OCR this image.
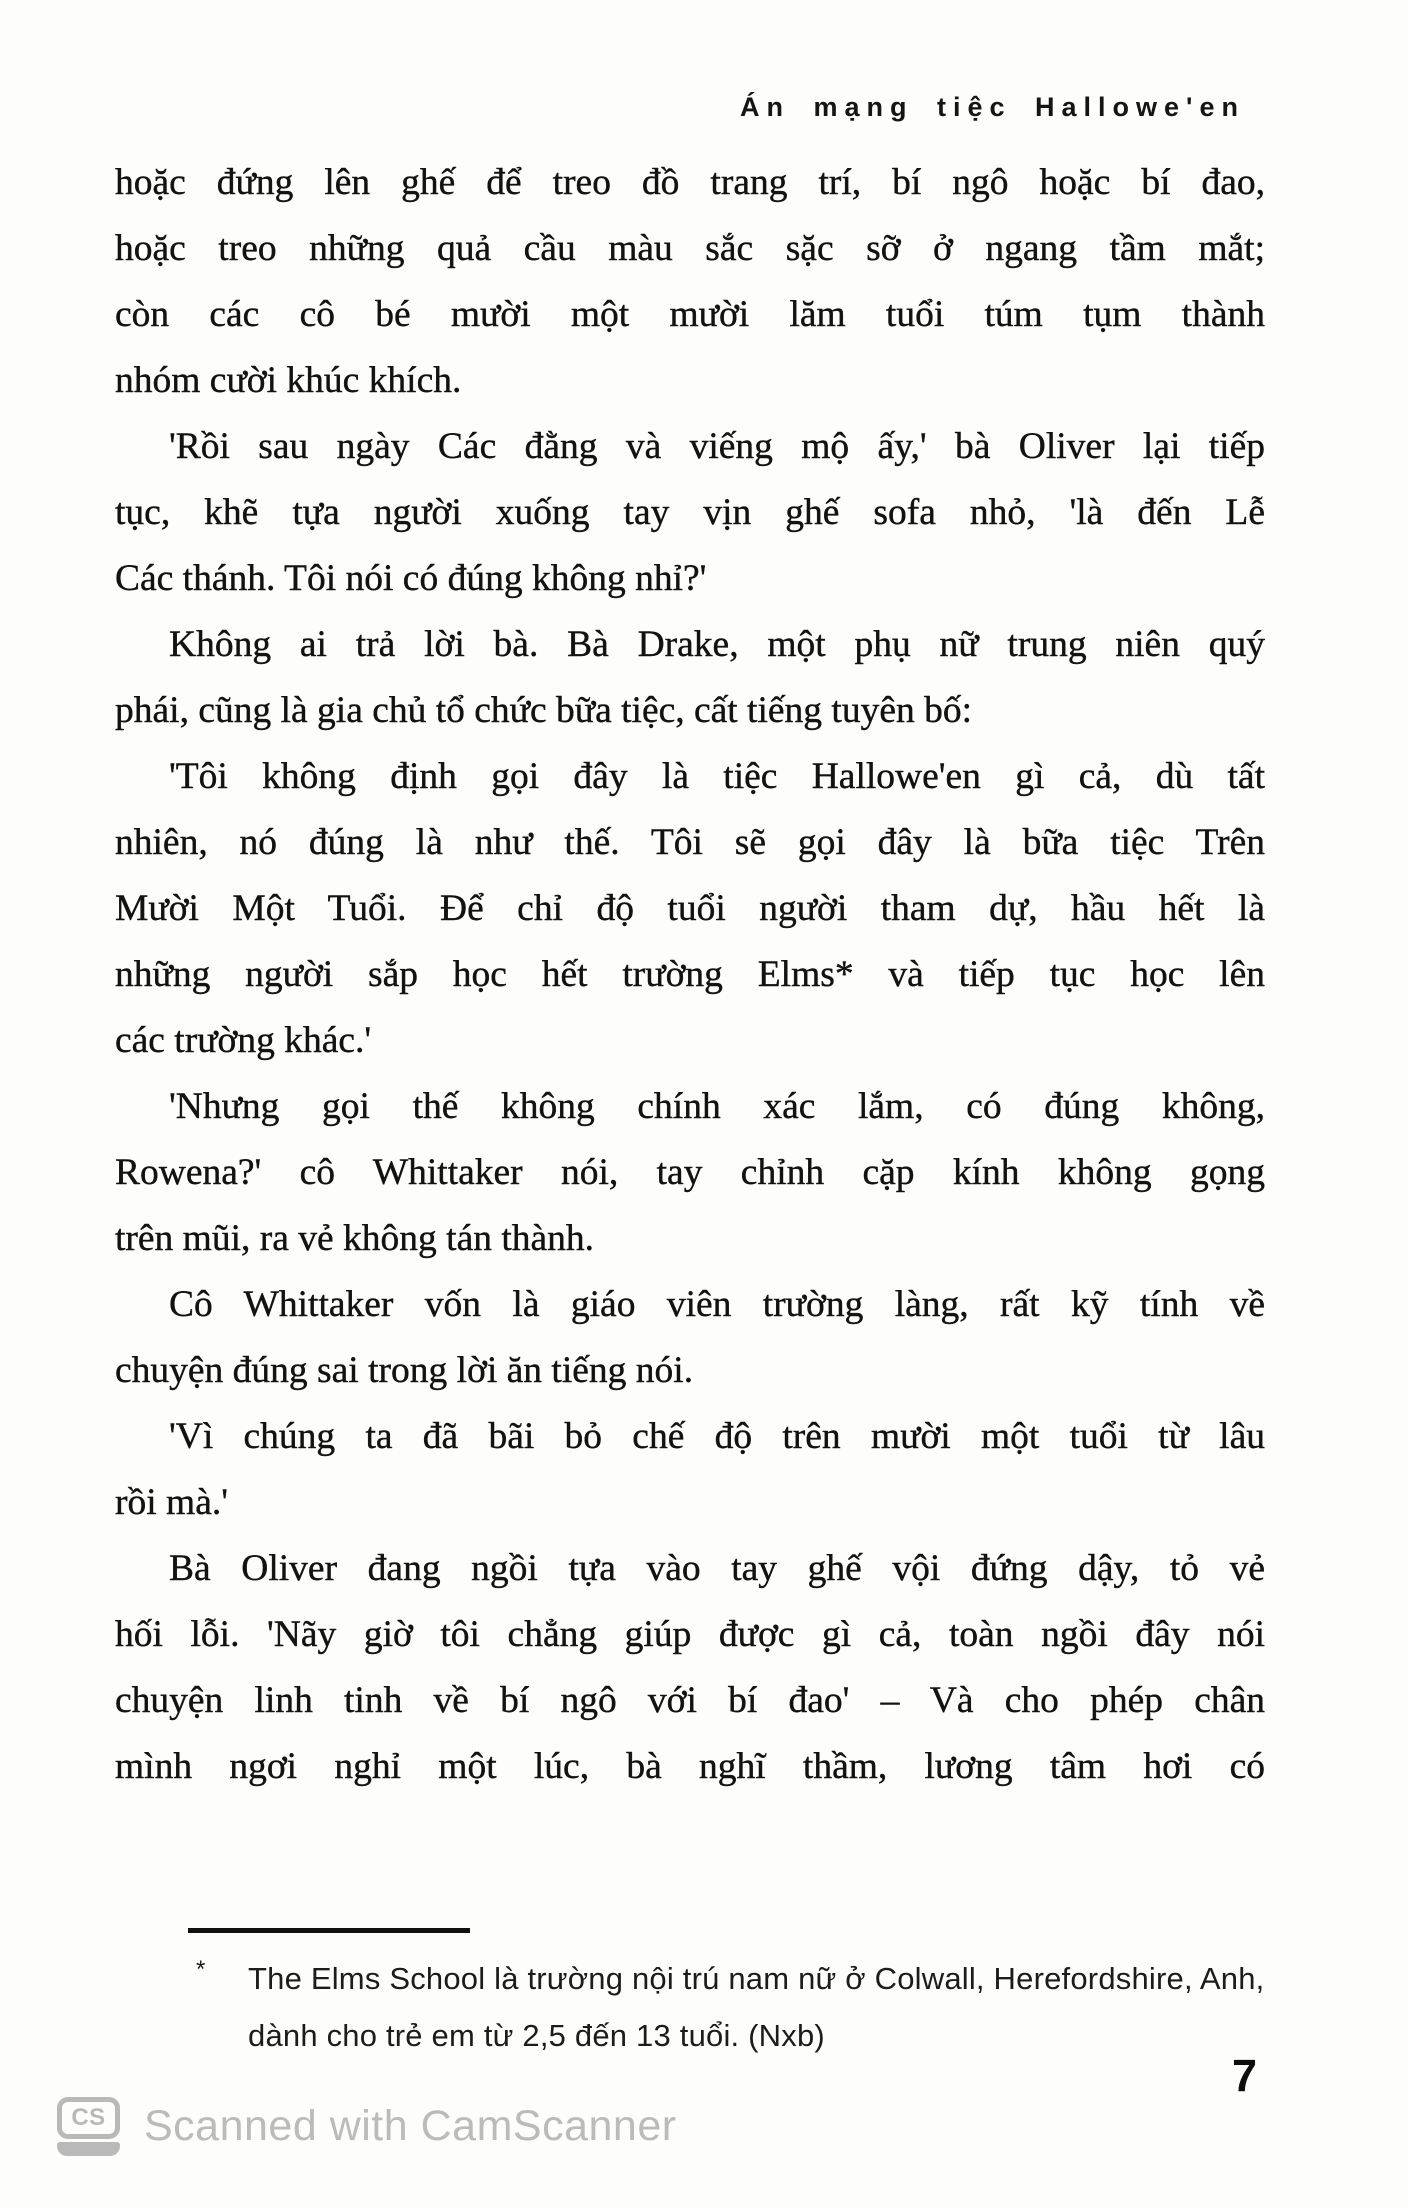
Án mạng tiệc Hallowe'en
hoặc đứng lên ghế để treo đồ trang trí, bí ngô hoặc bí đao,
hoặc treo những quả cầu màu sắc sặc sỡ ở ngang tầm mắt;
còn các cô bé mười một mười lăm tuổi túm tụm thành
nhóm cười khúc khích.
'Rồi sau ngày Các đằng và viếng mộ ấy,' bà Oliver lại tiếp
tục, khẽ tựa người xuống tay vịn ghế sofa nhỏ, 'là đến Lễ
Các thánh. Tôi nói có đúng không nhỉ?'
Không ai trả lời bà. Bà Drake, một phụ nữ trung niên quý
phái, cũng là gia chủ tổ chức bữa tiệc, cất tiếng tuyên bố:
'Tôi không định gọi đây là tiệc Hallowe'en gì cả, dù tất
nhiên, nó đúng là như thế. Tôi sẽ gọi đây là bữa tiệc Trên
Mười Một Tuổi. Để chỉ độ tuổi người tham dự, hầu hết là
những người sắp học hết trường Elms* và tiếp tục học lên
các trường khác.'
'Nhưng gọi thế không chính xác lắm, có đúng không,
Rowena?' cô Whittaker nói, tay chỉnh cặp kính không gọng
trên mũi, ra vẻ không tán thành.
Cô Whittaker vốn là giáo viên trường làng, rất kỹ tính về
chuyện đúng sai trong lời ăn tiếng nói.
'Vì chúng ta đã bãi bỏ chế độ trên mười một tuổi từ lâu
rồi mà.'
Bà Oliver đang ngồi tựa vào tay ghế vội đứng dậy, tỏ vẻ
hối lỗi. 'Nãy giờ tôi chẳng giúp được gì cả, toàn ngồi đây nói
chuyện linh tinh về bí ngô với bí đao' – Và cho phép chân
mình ngơi nghỉ một lúc, bà nghĩ thầm, lương tâm hơi có
*	The Elms School là trường nội trú nam nữ ở Colwall, Herefordshire, Anh,
dành cho trẻ em từ 2,5 đến 13 tuổi. (Nxb)
7
CS Scanned with CamScanner
